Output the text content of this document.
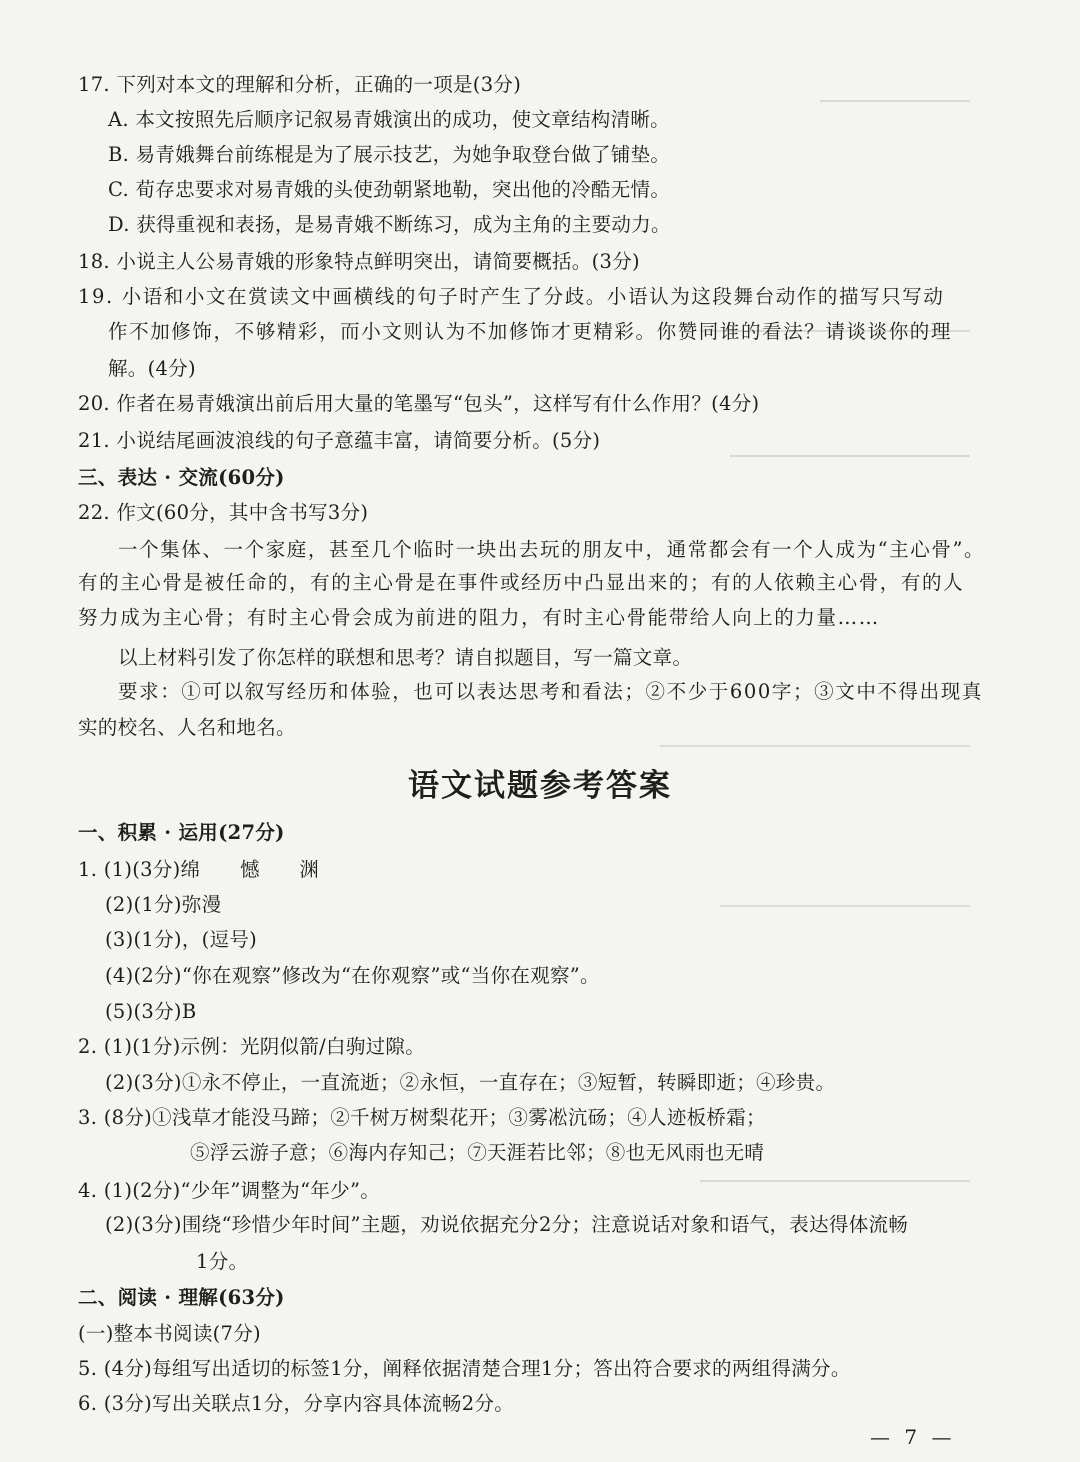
17. 下列对本文的理解和分析，正确的一项是(3分)
A. 本文按照先后顺序记叙易青娥演出的成功，使文章结构清晰。
B. 易青娥舞台前练棍是为了展示技艺，为她争取登台做了铺垫。
C. 荀存忠要求对易青娥的头使劲朝紧地勒，突出他的冷酷无情。
D. 获得重视和表扬，是易青娥不断练习，成为主角的主要动力。
18. 小说主人公易青娥的形象特点鲜明突出，请简要概括。(3分)
19. 小语和小文在赏读文中画横线的句子时产生了分歧。小语认为这段舞台动作的描写只写动
作不加修饰，不够精彩，而小文则认为不加修饰才更精彩。你赞同谁的看法？请谈谈你的理
解。(4分)
20. 作者在易青娥演出前后用大量的笔墨写“包头”，这样写有什么作用？(4分)
21. 小说结尾画波浪线的句子意蕴丰富，请简要分析。(5分)
三、表达 · 交流(60分)
22. 作文(60分，其中含书写3分)
一个集体、一个家庭，甚至几个临时一块出去玩的朋友中，通常都会有一个人成为“主心骨”。
有的主心骨是被任命的，有的主心骨是在事件或经历中凸显出来的；有的人依赖主心骨，有的人
努力成为主心骨；有时主心骨会成为前进的阻力，有时主心骨能带给人向上的力量……
以上材料引发了你怎样的联想和思考？请自拟题目，写一篇文章。
要求：①可以叙写经历和体验，也可以表达思考和看法；②不少于600字；③文中不得出现真
实的校名、人名和地名。
语文试题参考答案
一、积累 · 运用(27分)
1. (1)(3分)绵　　憾　　渊
(2)(1分)弥漫
(3)(1分)，(逗号)
(4)(2分)“你在观察”修改为“在你观察”或“当你在观察”。
(5)(3分)B
2. (1)(1分)示例：光阴似箭/白驹过隙。
(2)(3分)①永不停止，一直流逝；②永恒，一直存在；③短暂，转瞬即逝；④珍贵。
3. (8分)①浅草才能没马蹄；②千树万树梨花开；③雾凇沆砀；④人迹板桥霜；
⑤浮云游子意；⑥海内存知己；⑦天涯若比邻；⑧也无风雨也无晴
4. (1)(2分)“少年”调整为“年少”。
(2)(3分)围绕“珍惜少年时间”主题，劝说依据充分2分；注意说话对象和语气，表达得体流畅
1分。
二、阅读 · 理解(63分)
(一)整本书阅读(7分)
5. (4分)每组写出适切的标签1分，阐释依据清楚合理1分；答出符合要求的两组得满分。
6. (3分)写出关联点1分，分享内容具体流畅2分。
— 7 —
